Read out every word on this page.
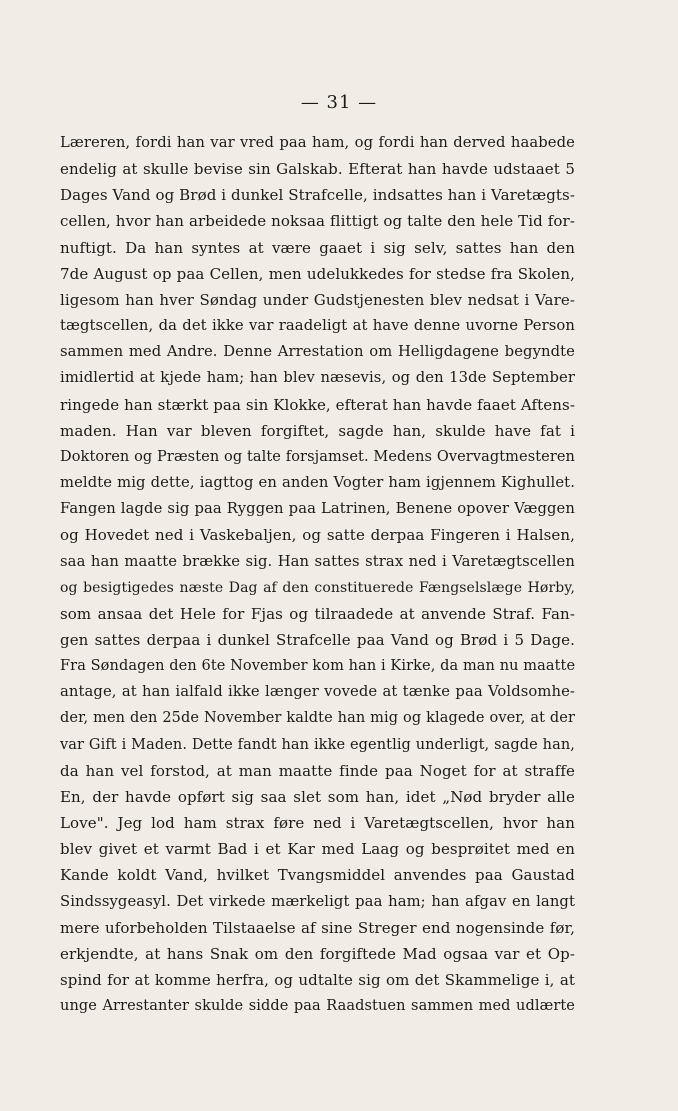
— 31 —
Læreren, fordi han var vred paa ham, og fordi han derved haabede
endelig at skulle bevise sin Galskab. Efterat han havde udstaaet 5
Dages Vand og Brød i dunkel Strafcelle, indsattes han i Varetægts-
cellen, hvor han arbeidede noksaa flittigt og talte den hele Tid for-
nuftigt. Da han syntes at være gaaet i sig selv, sattes han den
7de August op paa Cellen, men udelukkedes for stedse fra Skolen,
ligesom han hver Søndag under Gudstjenesten blev nedsat i Vare-
tægtscellen, da det ikke var raadeligt at have denne uvorne Person
sammen med Andre. Denne Arrestation om Helligdagene begyndte
imidlertid at kjede ham; han blev næsevis, og den 13de September
ringede han stærkt paa sin Klokke, efterat han havde faaet Aftens-
maden. Han var bleven forgiftet, sagde han, skulde have fat i
Doktoren og Præsten og talte forsjamset. Medens Overvagtmesteren
meldte mig dette, iagttog en anden Vogter ham igjennem Kighullet.
Fangen lagde sig paa Ryggen paa Latrinen, Benene opover Væggen
og Hovedet ned i Vaskebaljen, og satte derpaa Fingeren i Halsen,
saa han maatte brække sig. Han sattes strax ned i Varetægtscellen
og besigtigedes næste Dag af den constituerede Fængselslæge Hørby,
som ansaa det Hele for Fjas og tilraadede at anvende Straf. Fan-
gen sattes derpaa i dunkel Strafcelle paa Vand og Brød i 5 Dage.
Fra Søndagen den 6te November kom han i Kirke, da man nu maatte
antage, at han ialfald ikke længer vovede at tænke paa Voldsomhe-
der, men den 25de November kaldte han mig og klagede over, at der
var Gift i Maden. Dette fandt han ikke egentlig underligt, sagde han,
da han vel forstod, at man maatte finde paa Noget for at straffe
En, der havde opført sig saa slet som han, idet „Nød bryder alle
Love". Jeg lod ham strax føre ned i Varetægtscellen, hvor han
blev givet et varmt Bad i et Kar med Laag og besprøitet med en
Kande koldt Vand, hvilket Tvangsmiddel anvendes paa Gaustad
Sindssygeasyl. Det virkede mærkeligt paa ham; han afgav en langt
mere uforbeholden Tilstaaelse af sine Streger end nogensinde før,
erkjendte, at hans Snak om den forgiftede Mad ogsaa var et Op-
spind for at komme herfra, og udtalte sig om det Skammelige i, at
unge Arrestanter skulde sidde paa Raadstuen sammen med udlærte
